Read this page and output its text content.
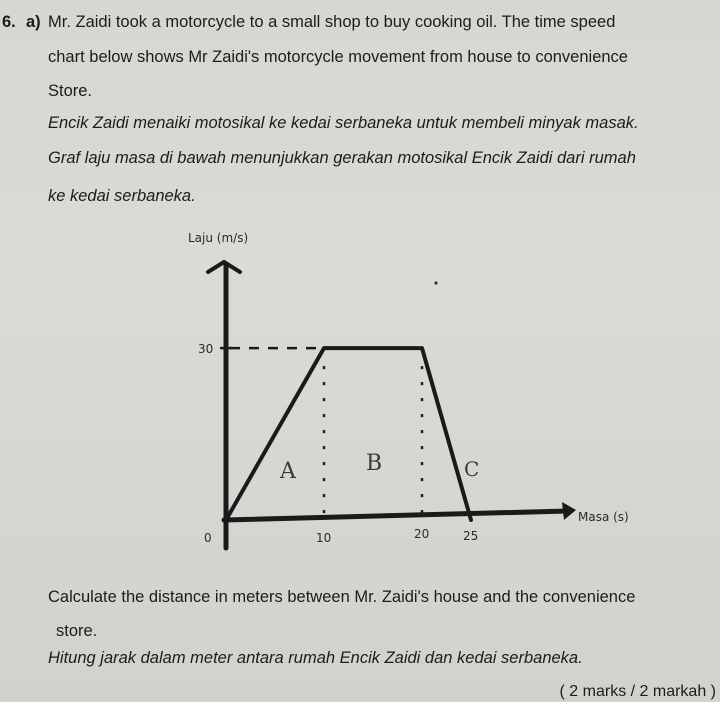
6. a) Mr. Zaidi took a motorcycle to a small shop to buy cooking oil. The time speed
chart below shows Mr Zaidi's motorcycle movement from house to convenience
Store.
Encik Zaidi menaiki motosikal ke kedai serbaneka untuk membeli minyak masak.
Graf laju masa di bawah menunjukkan gerakan motosikal Encik Zaidi dari rumah
ke kedai serbaneka.
Laju (m/s)
Masa (s)
30
0	10	20	25
A	B	C
Calculate the distance in meters between Mr. Zaidi's house and the convenience
store.
Hitung jarak dalam meter antara rumah Encik Zaidi dan kedai serbaneka.
( 2 marks / 2 markah )
